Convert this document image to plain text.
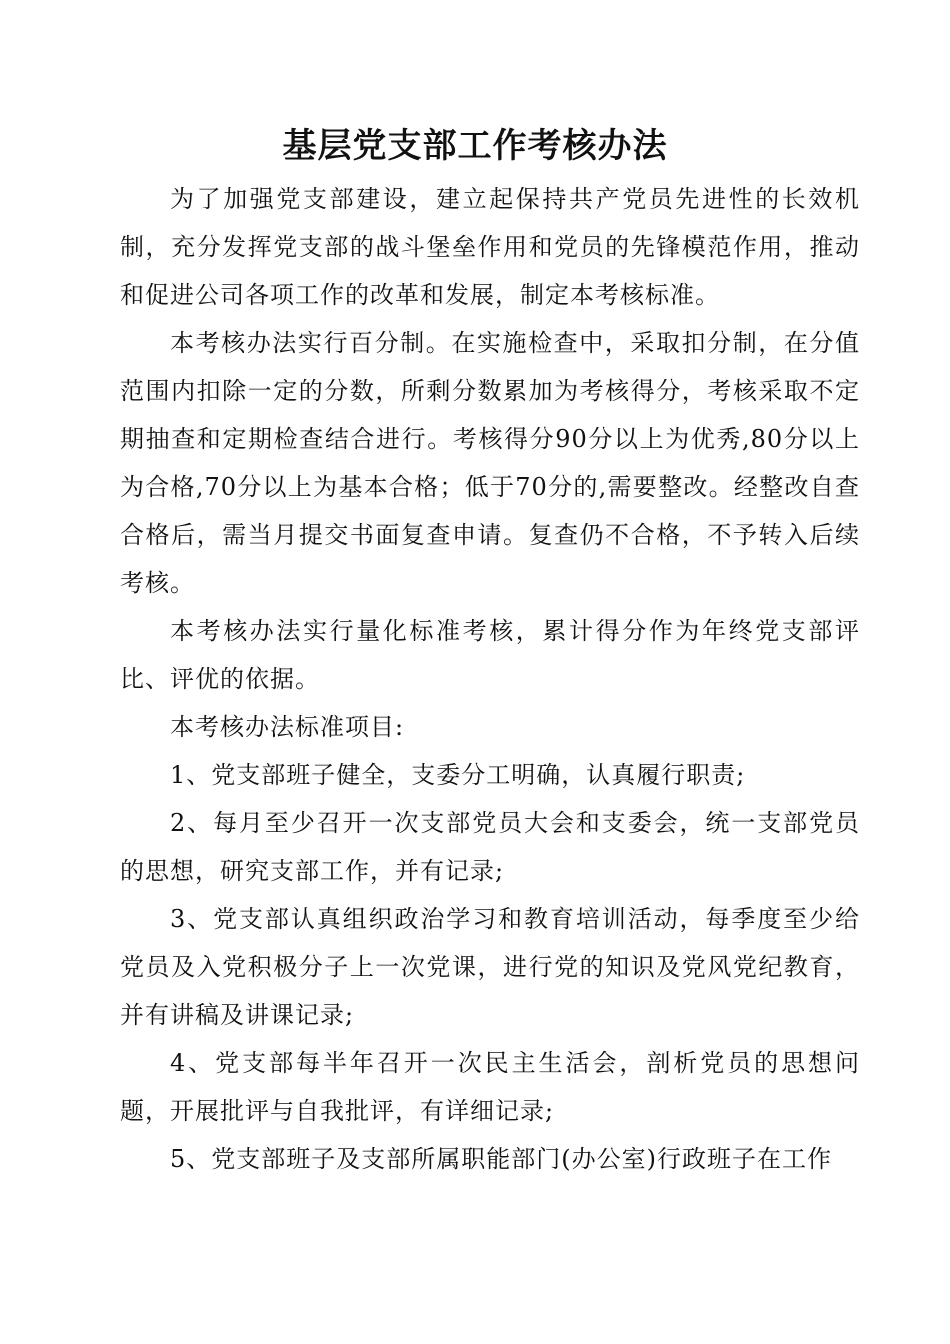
基层党支部工作考核办法

为了加强党支部建设，建立起保持共产党员先进性的长效机制，充分发挥党支部的战斗堡垒作用和党员的先锋模范作用，推动和促进公司各项工作的改革和发展，制定本考核标准。

本考核办法实行百分制。在实施检查中，采取扣分制，在分值范围内扣除一定的分数，所剩分数累加为考核得分，考核采取不定期抽查和定期检查结合进行。考核得分90分以上为优秀,80分以上为合格,70分以上为基本合格；低于70分的,需要整改。经整改自查合格后，需当月提交书面复查申请。复查仍不合格，不予转入后续考核。

本考核办法实行量化标准考核，累计得分作为年终党支部评比、评优的依据。

本考核办法标准项目:

1、党支部班子健全，支委分工明确，认真履行职责;

2、每月至少召开一次支部党员大会和支委会，统一支部党员的思想，研究支部工作，并有记录;

3、党支部认真组织政治学习和教育培训活动，每季度至少给党员及入党积极分子上一次党课，进行党的知识及党风党纪教育，并有讲稿及讲课记录;

4、党支部每半年召开一次民主生活会，剖析党员的思想问题，开展批评与自我批评，有详细记录;

5、党支部班子及支部所属职能部门(办公室)行政班子在工作
